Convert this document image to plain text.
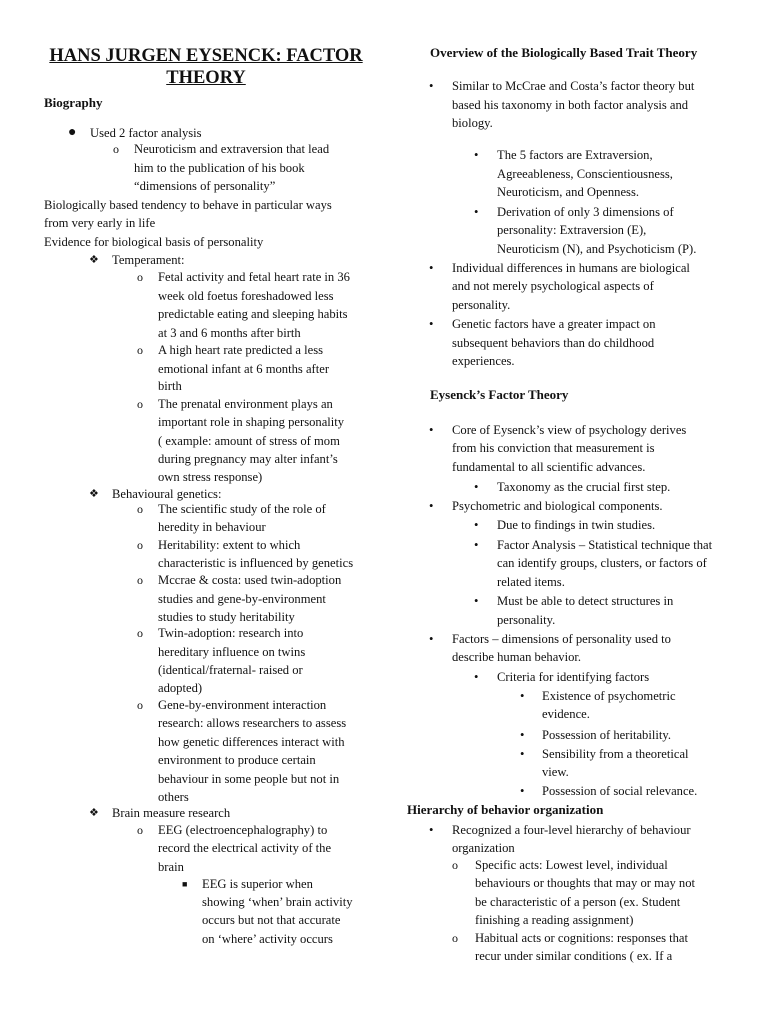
HANS JURGEN EYSENCK: FACTOR
THEORY
Biography
● Used 2 factor analysis
o Neuroticism and extraversion that lead
him to the publication of his book
“dimensions of personality”
Biologically based tendency to behave in particular ways
from very early in life
Evidence for biological basis of personality
❖ Temperament:
o Fetal activity and fetal heart rate in 36
week old foetus foreshadowed less
predictable eating and sleeping habits
at 3 and 6 months after birth
o A high heart rate predicted a less
emotional infant at 6 months after
birth
o The prenatal environment plays an
important role in shaping personality
( example: amount of stress of mom
during pregnancy may alter infant’s
own stress response)
❖ Behavioural genetics:
o The scientific study of the role of
heredity in behaviour
o Heritability: extent to which
characteristic is influenced by genetics
o Mccrae & costa: used twin-adoption
studies and gene-by-environment
studies to study heritability
o Twin-adoption: research into
hereditary influence on twins
(identical/fraternal- raised or
adopted)
o Gene-by-environment interaction
research: allows researchers to assess
how genetic differences interact with
environment to produce certain
behaviour in some people but not in
others
❖ Brain measure research
o EEG (electroencephalography) to
record the electrical activity of the
brain
■ EEG is superior when
showing ‘when’ brain activity
occurs but not that accurate
on ‘where’ activity occurs
Overview of the Biologically Based Trait Theory
• Similar to McCrae and Costa’s factor theory but
based his taxonomy in both factor analysis and
biology.
• The 5 factors are Extraversion,
Agreeableness, Conscientiousness,
Neuroticism, and Openness.
• Derivation of only 3 dimensions of
personality: Extraversion (E),
Neuroticism (N), and Psychoticism (P).
• Individual differences in humans are biological
and not merely psychological aspects of
personality.
• Genetic factors have a greater impact on
subsequent behaviors than do childhood
experiences.
Eysenck’s Factor Theory
• Core of Eysenck’s view of psychology derives
from his conviction that measurement is
fundamental to all scientific advances.
• Taxonomy as the crucial first step.
• Psychometric and biological components.
• Due to findings in twin studies.
• Factor Analysis – Statistical technique that
can identify groups, clusters, or factors of
related items.
• Must be able to detect structures in
personality.
• Factors – dimensions of personality used to
describe human behavior.
• Criteria for identifying factors
• Existence of psychometric
evidence.
• Possession of heritability.
• Sensibility from a theoretical
view.
• Possession of social relevance.
Hierarchy of behavior organization
• Recognized a four-level hierarchy of behaviour
organization
o Specific acts: Lowest level, individual
behaviours or thoughts that may or may not
be characteristic of a person (ex. Student
finishing a reading assignment)
o Habitual acts or cognitions: responses that
recur under similar conditions ( ex. If a
